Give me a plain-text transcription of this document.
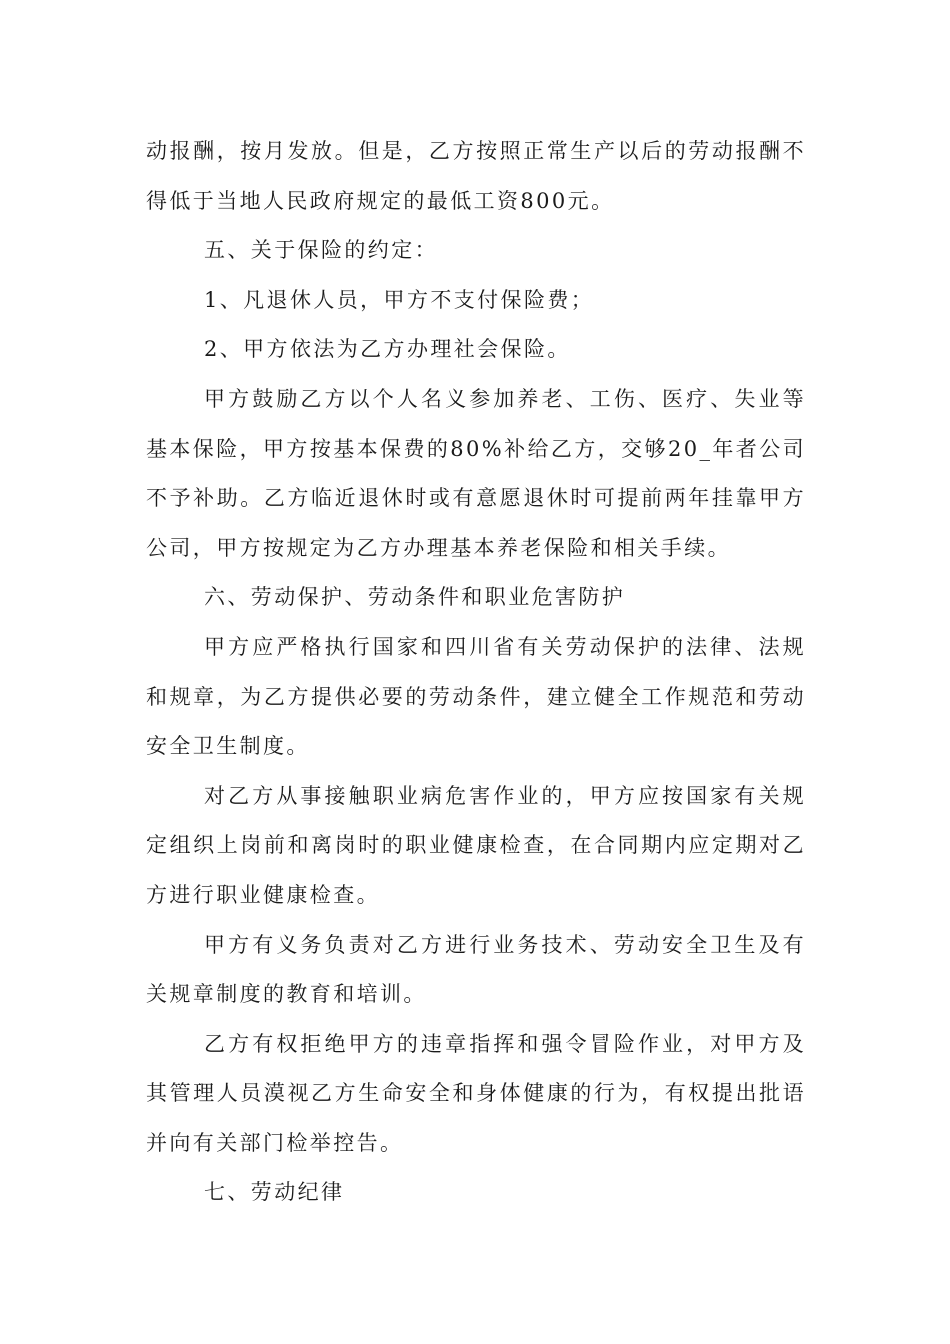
动报酬，按月发放。但是，乙方按照正常生产以后的劳动报酬不得低于当地人民政府规定的最低工资800元。

五、关于保险的约定：

1、凡退休人员，甲方不支付保险费；

2、甲方依法为乙方办理社会保险。

甲方鼓励乙方以个人名义参加养老、工伤、医疗、失业等基本保险，甲方按基本保费的80%补给乙方，交够20_年者公司不予补助。乙方临近退休时或有意愿退休时可提前两年挂靠甲方公司，甲方按规定为乙方办理基本养老保险和相关手续。

六、劳动保护、劳动条件和职业危害防护

甲方应严格执行国家和四川省有关劳动保护的法律、法规和规章，为乙方提供必要的劳动条件，建立健全工作规范和劳动安全卫生制度。

对乙方从事接触职业病危害作业的，甲方应按国家有关规定组织上岗前和离岗时的职业健康检查，在合同期内应定期对乙方进行职业健康检查。

甲方有义务负责对乙方进行业务技术、劳动安全卫生及有关规章制度的教育和培训。

乙方有权拒绝甲方的违章指挥和强令冒险作业，对甲方及其管理人员漠视乙方生命安全和身体健康的行为，有权提出批语并向有关部门检举控告。

七、劳动纪律
